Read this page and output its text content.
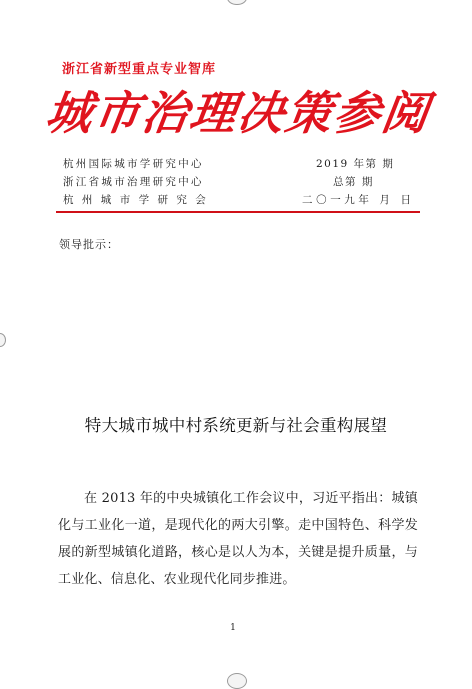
浙江省新型重点专业智库
城市治理决策参阅
杭州国际城市学研究中心
浙江省城市治理研究中心
杭州城市学研究会
2019 年第 期
总第 期
二〇一九年 月 日
领导批示：
特大城市城中村系统更新与社会重构展望

在 2013 年的中央城镇化工作会议中，习近平指出：城镇化与工业化一道，是现代化的两大引擎。走中国特色、科学发展的新型城镇化道路，核心是以人为本，关键是提升质量，与工业化、信息化、农业现代化同步推进。

1
